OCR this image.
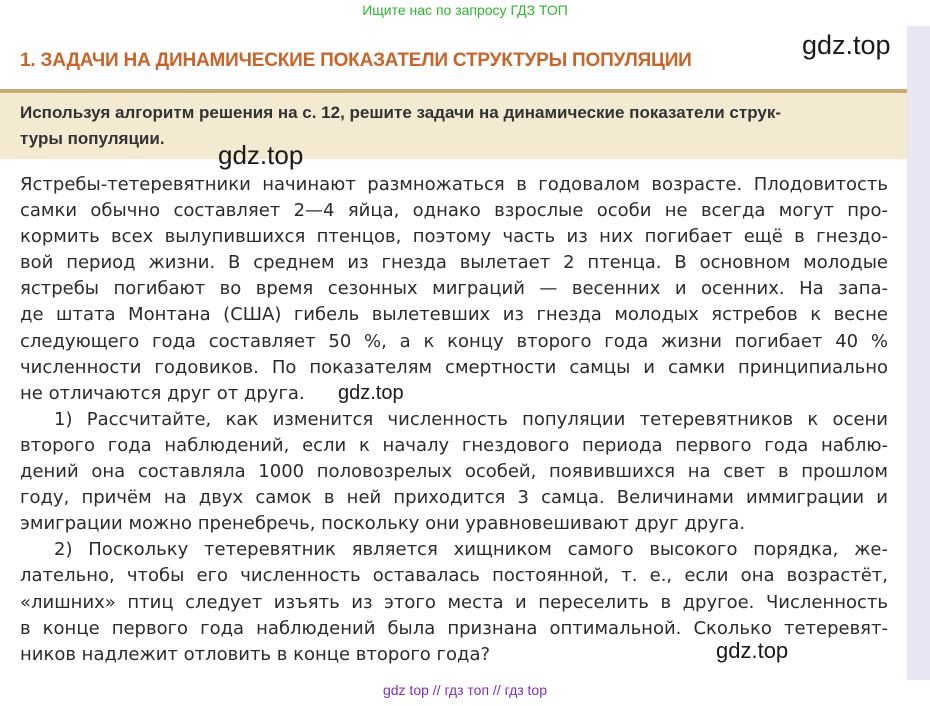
Ищите нас по запросу ГДЗ ТОП
1. ЗАДАЧИ НА ДИНАМИЧЕСКИЕ ПОКАЗАТЕЛИ СТРУКТУРЫ ПОПУЛЯЦИИ

Используя алгоритм решения на с. 12, решите задачи на динамические показатели струк-
туры популяции.

Ястребы-тетеревятники начинают размножаться в годовалом возрасте. Плодовитость
самки обычно составляет 2—4 яйца, однако взрослые особи не всегда могут про-
кормить всех вылупившихся птенцов, поэтому часть из них погибает ещё в гнездо-
вой период жизни. В среднем из гнезда вылетает 2 птенца. В основном молодые
ястребы погибают во время сезонных миграций — весенних и осенних. На запа-
де штата Монтана (США) гибель вылетевших из гнезда молодых ястребов к весне
следующего года составляет 50 %, а к концу второго года жизни погибает 40 %
численности годовиков. По показателям смертности самцы и самки принципиально
не отличаются друг от друга.
1) Рассчитайте, как изменится численность популяции тетеревятников к осени
второго года наблюдений, если к началу гнездового периода первого года наблю-
дений она составляла 1000 половозрелых особей, появившихся на свет в прошлом
году, причём на двух самок в ней приходится 3 самца. Величинами иммиграции и
эмиграции можно пренебречь, поскольку они уравновешивают друг друга.
2) Поскольку тетеревятник является хищником самого высокого порядка, же-
лательно, чтобы его численность оставалась постоянной, т. е., если она возрастёт,
«лишних» птиц следует изъять из этого места и переселить в другое. Численность
в конце первого года наблюдений была признана оптимальной. Сколько тетеревят-
ников надлежит отловить в конце второго года?
gdz.top
gdz.top
gdz.top
gdz.top
gdz top // гдз топ // гдз top
